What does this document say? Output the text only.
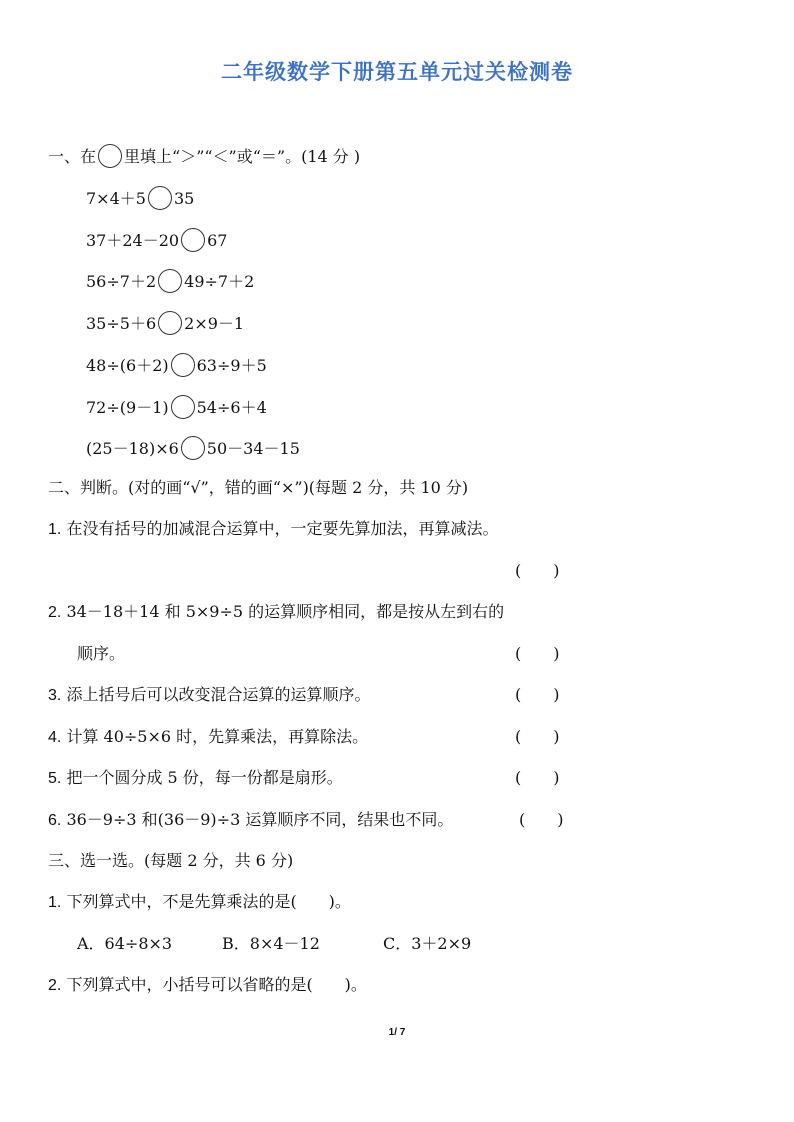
二年级数学下册第五单元过关检测卷
一、在 里填上“＞”“＜”或“＝”。(14 分 )
7×4＋5 35
37＋24－20 67
56÷7＋2 49÷7＋2
35÷5＋6 2×9－1
48÷(6＋2) 63÷9＋5
72÷(9－1) 54÷6＋4
(25－18)×6 50－34－15
二、判断。(对的画“√”，错的画“×”)(每题 2 分，共 10 分)
1. 在没有括号的加减混合运算中，一定要先算加法，再算减法。
(　　)
2. 34－18＋14 和 5×9÷5 的运算顺序相同，都是按从左到右的
顺序。	(　　)
3. 添上括号后可以改变混合运算的运算顺序。	(　　)
4. 计算 40÷5×6 时，先算乘法，再算除法。	(　　)
5. 把一个圆分成 5 份，每一份都是扇形。	(　　)
6. 36－9÷3 和(36－9)÷3 运算顺序不同，结果也不同。	(　　)
三、选一选。(每题 2 分，共 6 分)
1. 下列算式中，不是先算乘法的是(　　)。
A．64÷8×3	B．8×4－12	C．3＋2×9
2. 下列算式中，小括号可以省略的是(　　)。
1/ 7
